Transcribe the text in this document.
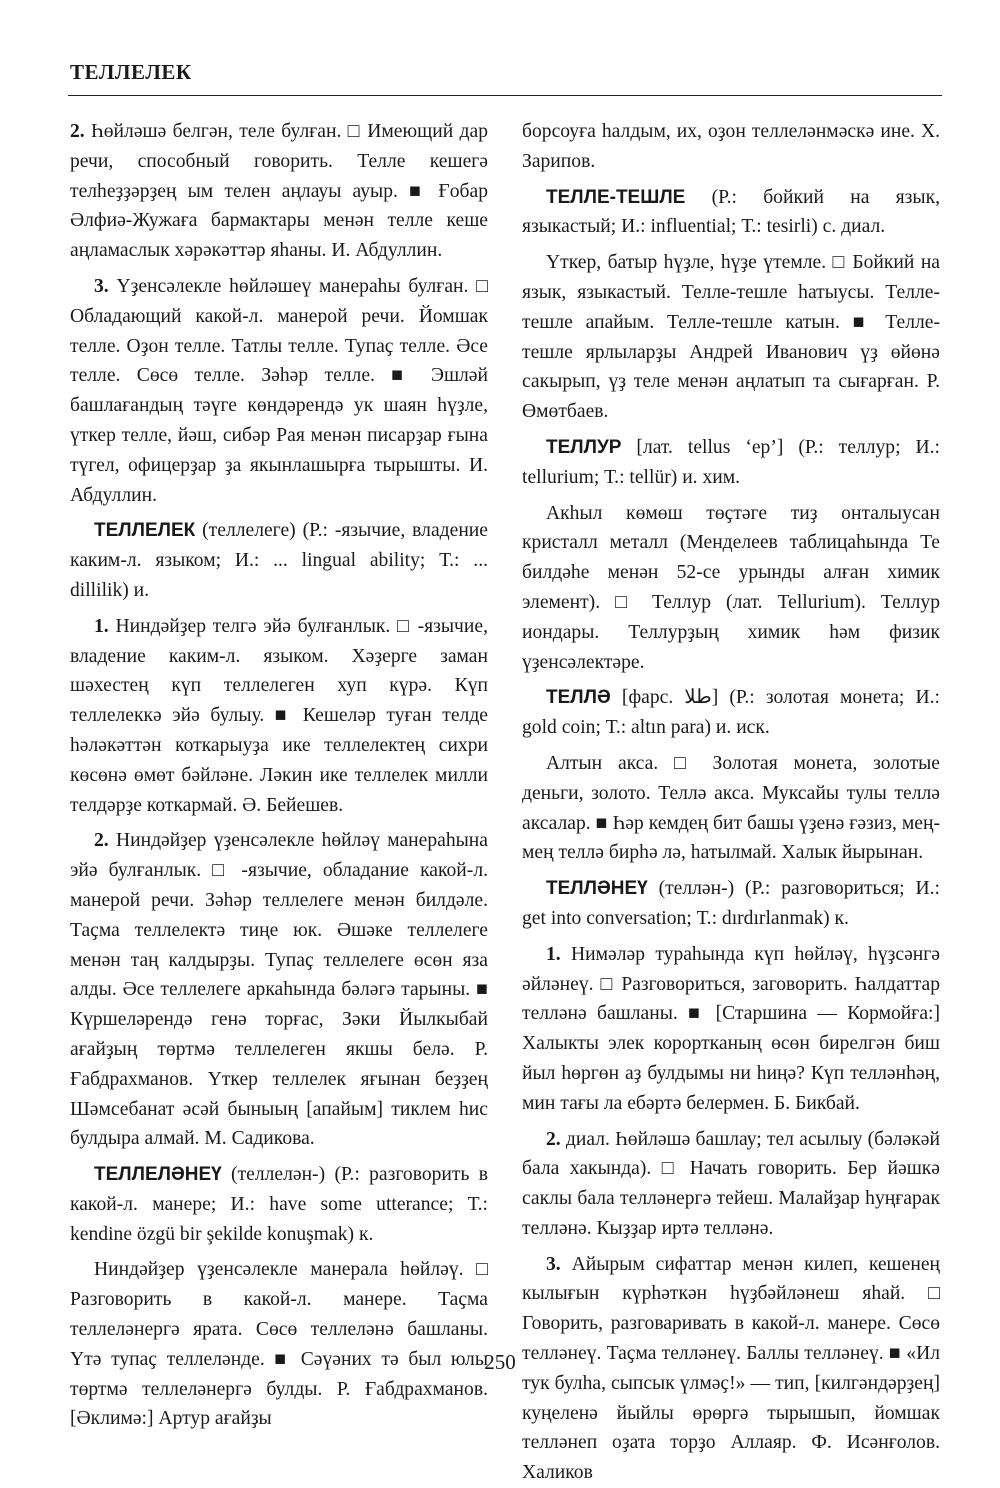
ТЕЛЛЕЛЕК

2. Һөйләшә белгән, теле булған. □ Имеющий дар речи, способный говорить. Телле кешегә телһеҙҙәрҙең ым телен аңлауы ауыр. ■ Ғобар Әлфиә-Жужаға бармактары менән телле кеше аңламаслык хәрәкәттәр яһаны. И. Абдуллин.

3. Үҙенсәлекле һөйләшеү манераһы булған. □ Обладающий какой-л. манерой речи. Йомшак телле. Оҙон телле. Татлы телле. Тупаҫ телле. Әсе телле. Сөсө телле. Зәһәр телле. ■ Эшләй башлағандың тәүге көндәрендә ук шаян һүҙле, үткер телле, йәш, сибәр Рая менән писарҙар ғына түгел, офицерҙар ҙа якынлашырға тырышты. И. Абдуллин.

ТЕЛЛЕЛЕК (теллелеге) (Р.: -язычие, владение каким-л. языком; И.: ... lingual ability; Т.: ... dillilik) и.

1. Ниндәйҙер телгә эйә булғанлык. □ -язычие, владение каким-л. языком. Хәҙерге заман шәхестең күп теллелеген хуп күрә. Күп теллелеккә эйә булыу. ■ Кешеләр туған телде һәләкәттән коткарыуҙа ике теллелектең сихри көсөнә өмөт бәйләне. Ләкин ике теллелек милли телдәрҙе коткармай. Ә. Бейешев.

2. Ниндәйҙер үҙенсәлекле һөйләү манераһына эйә булғанлык. □ -язычие, обладание какой-л. манерой речи. Зәһәр теллелеге менән билдәле. Таҫма теллелектә тиңе юк. Әшәке теллелеге менән таң калдырҙы. Тупаҫ теллелеге өсөн яза алды. Әсе теллелеге аркаһында бәләгә тарыны. ■ Күршеләрендә генә торғас, Зәки Йылкыбай ағайҙың төртмә теллелеген якшы белә. Р. Ғабдрахманов. Үткер теллелек яғынан беҙҙең Шәмсебанат әсәй быныың [апайым] тиклем һис булдыра алмай. М. Садикова.

ТЕЛЛЕЛӘНЕҮ (теллелән-) (Р.: разговорить в какой-л. манере; И.: have some utterance; Т.: kendine özgü bir şekilde konuşmak) к.

Ниндәйҙер үҙенсәлекле манерала һөйләү. □ Разговорить в какой-л. манере. Таҫма теллеләнергә ярата. Сөсө теллеләнә башланы. Үтә тупаҫ теллеләнде. ■ Сәүәних тә был юлы төртмә теллеләнергә булды. Р. Ғабдрахманов. [Әклимә:] Артур ағайҙы

борсоуға һалдым, их, оҙон теллеләнмәскә ине. Х. Зарипов.

ТЕЛЛЕ-ТЕШЛЕ (Р.: бойкий на язык, языкастый; И.: influential; Т.: tesirli) с. диал.

Үткер, батыр һүҙле, һүҙе үтемле. □ Бойкий на язык, языкастый. Телле-тешле һатыусы. Телле-тешле апайым. Телле-тешле катын. ■ Телле-тешле ярлыларҙы Андрей Иванович үҙ өйөнә сакырып, үҙ теле менән аңлатып та сығарған. Р. Өмөтбаев.

ТЕЛЛУР [лат. tellus ‘ер’] (Р.: теллур; И.: tellurium; Т.: tellür) и. хим.

Акһыл көмөш төҫтәге тиҙ онталыусан кристалл металл (Менделеев таблицаһында Те билдәһе менән 52-се урынды алған химик элемент). □ Теллур (лат. Tellurium). Теллур иондары. Теллурҙың химик һәм физик үҙенсәлектәре.

ТЕЛЛӘ [фарс. طلا] (Р.: золотая монета; И.: gold coin; Т.: altın para) и. иск.

Алтын акса. □ Золотая монета, золотые деньги, золото. Теллә акса. Муксайы тулы теллә аксалар. ■ Һәр кемдең бит башы үҙенә ғәзиз, мең-мең теллә бирһә лә, һатылмай. Халык йырынан.

ТЕЛЛӘНЕҮ (теллән-) (Р.: разговориться; И.: get into conversation; Т.: dırdırlanmak) к.

1. Нимәләр тураһында күп һөйләү, һүҙсәнгә әйләнеү. □ Разговориться, заговорить. Һалдаттар телләнә башланы. ■ [Старшина — Кормойға:] Халыкты элек корортканың өсөн бирелгән биш йыл һөргөн аҙ булдымы ни һиңә? Күп телләнһәң, мин тағы ла ебәртә белермен. Б. Бикбай.

2. диал. Һөйләшә башлау; тел асылыу (бәләкәй бала хакында). □ Начать говорить. Бер йәшкә саклы бала телләнергә тейеш. Малайҙар һуңғарак телләнә. Кыҙҙар иртә телләнә.

3. Айырым сифаттар менән килеп, кешенең кылығын күрһәткән һүҙбәйләнеш яһай. □ Говорить, разговаривать в какой-л. манере. Сөсө телләнеү. Таҫма телләнеү. Баллы телләнеү. ■ «Ил тук булһа, сыпсык үлмәҫ!» — тип, [килгәндәрҙең] куңеленә йыйлы өрөргә тырышып, йомшак телләнеп оҙата торҙо Аллаяр. Ф. Исәнғолов. Халиков

250
